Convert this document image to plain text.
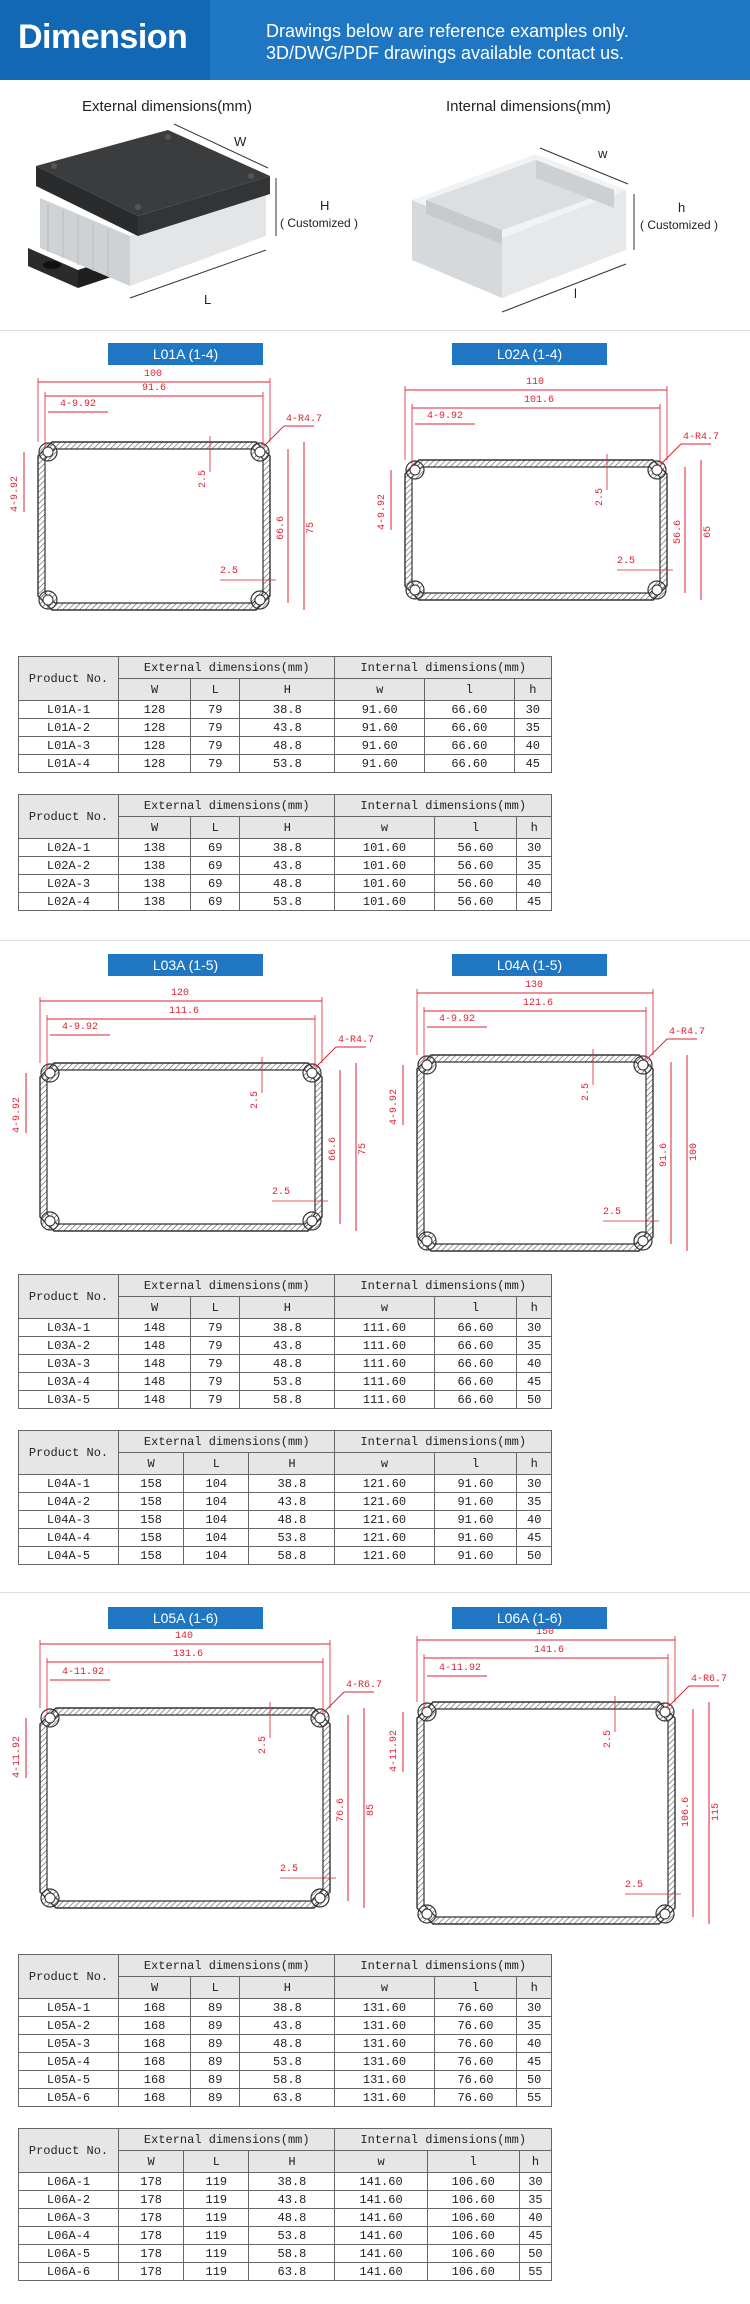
Dimension	Drawings below are reference examples only.
3D/DWG/PDF drawings available contact us.
External dimensions(mm)	Internal dimensions(mm)
W
H
( Customized )
L
w
h
( Customized )
l
L01A (1-4)	L02A (1-4)
L03A (1-5)	L04A (1-5)
L05A (1-6)	L06A (1-6)
Product No.	External dimensions(mm)			Internal dimensions(mm)		
	W	L	H	w	l	h
L01A-1	128	79	38.8	91.60	66.60	30
L01A-2	128	79	43.8	91.60	66.60	35
L01A-3	128	79	48.8	91.60	66.60	40
L01A-4	128	79	53.8	91.60	66.60	45
Product No.	External dimensions(mm)			Internal dimensions(mm)		
	W	L	H	w	l	h
L02A-1	138	69	38.8	101.60	56.60	30
L02A-2	138	69	43.8	101.60	56.60	35
L02A-3	138	69	48.8	101.60	56.60	40
L02A-4	138	69	53.8	101.60	56.60	45
Product No.	External dimensions(mm)			Internal dimensions(mm)		
	W	L	H	w	l	h
L03A-1	148	79	38.8	111.60	66.60	30
L03A-2	148	79	43.8	111.60	66.60	35
L03A-3	148	79	48.8	111.60	66.60	40
L03A-4	148	79	53.8	111.60	66.60	45
L03A-5	148	79	58.8	111.60	66.60	50
Product No.	External dimensions(mm)			Internal dimensions(mm)		
	W	L	H	w	l	h
L04A-1	158	104	38.8	121.60	91.60	30
L04A-2	158	104	43.8	121.60	91.60	35
L04A-3	158	104	48.8	121.60	91.60	40
L04A-4	158	104	53.8	121.60	91.60	45
L04A-5	158	104	58.8	121.60	91.60	50
Product No.	External dimensions(mm)			Internal dimensions(mm)		
	W	L	H	w	l	h
L05A-1	168	89	38.8	131.60	76.60	30
L05A-2	168	89	43.8	131.60	76.60	35
L05A-3	168	89	48.8	131.60	76.60	40
L05A-4	168	89	53.8	131.60	76.60	45
L05A-5	168	89	58.8	131.60	76.60	50
L05A-6	168	89	63.8	131.60	76.60	55
Product No.	External dimensions(mm)			Internal dimensions(mm)		
	W	L	H	w	l	h
L06A-1	178	119	38.8	141.60	106.60	30
L06A-2	178	119	43.8	141.60	106.60	35
L06A-3	178	119	48.8	141.60	106.60	40
L06A-4	178	119	53.8	141.60	106.60	45
L06A-5	178	119	58.8	141.60	106.60	50
L06A-6	178	119	63.8	141.60	106.60	55
100
91.6
4-9.92
4-R4.7
2.5
2.5
66.6 75
4-9.92
110
101.6
4-9.92
4-R4.7
2.5
2.5
56.6 65
4-9.92
120
111.6
4-9.92
4-R4.7
2.5
2.5
66.6 75
4-9.92
130
121.6
4-9.92
4-R4.7
2.5
2.5
91.6 100
4-9.92
140
131.6
4-11.92
4-R6.7
2.5
2.5
76.6 85
4-11.92
150
141.6
4-11.92
4-R6.7
2.5
2.5
106.6 115
4-11.92
